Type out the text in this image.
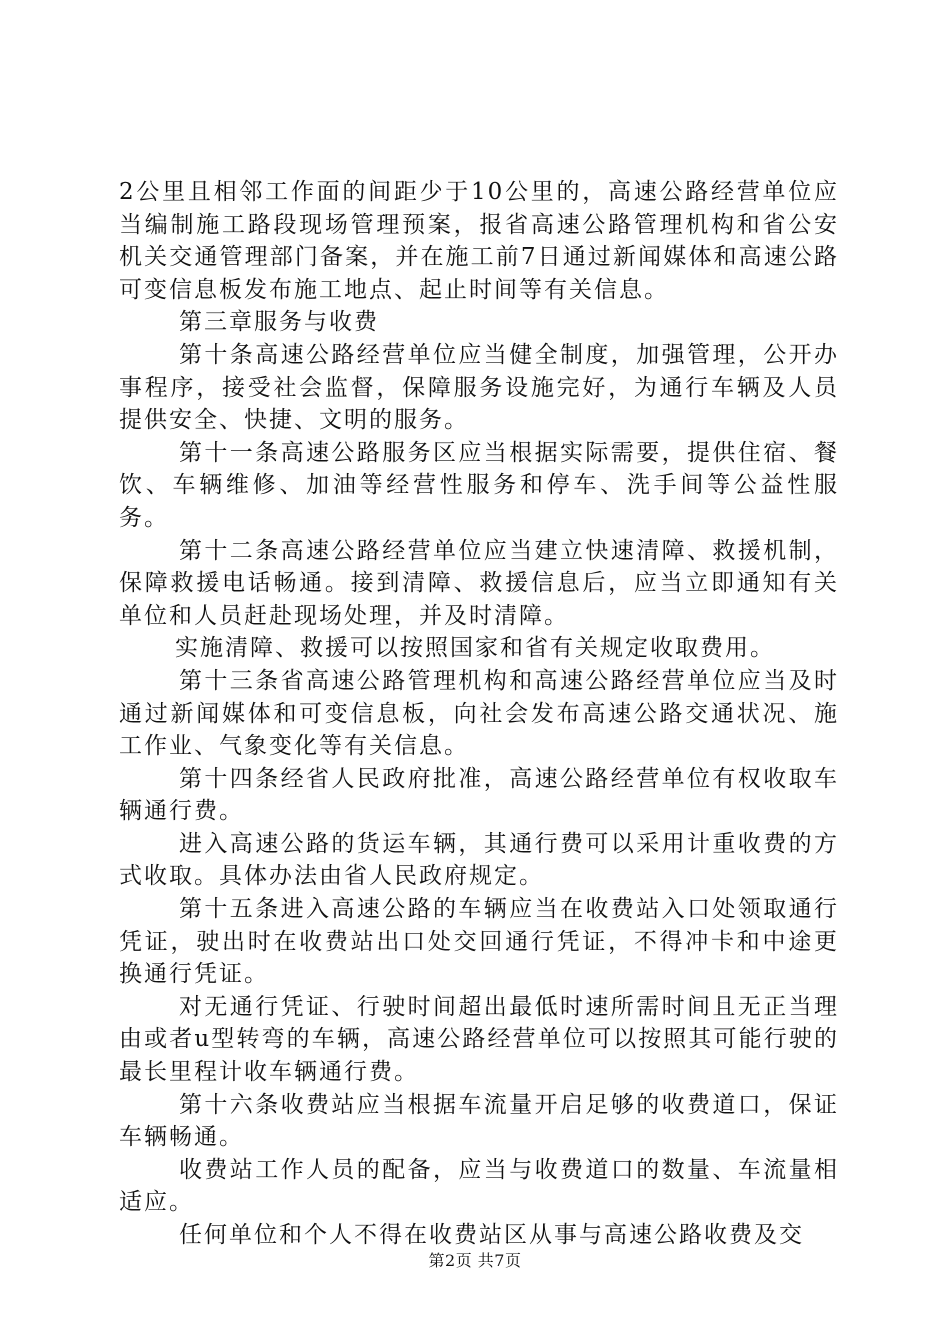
2公里且相邻工作面的间距少于10公里的，高速公路经营单位应当编制施工路段现场管理预案，报省高速公路管理机构和省公安机关交通管理部门备案，并在施工前7日通过新闻媒体和高速公路可变信息板发布施工地点、起止时间等有关信息。

第三章服务与收费

第十条高速公路经营单位应当健全制度，加强管理，公开办事程序，接受社会监督，保障服务设施完好，为通行车辆及人员提供安全、快捷、文明的服务。

第十一条高速公路服务区应当根据实际需要，提供住宿、餐饮、车辆维修、加油等经营性服务和停车、洗手间等公益性服务。

第十二条高速公路经营单位应当建立快速清障、救援机制，保障救援电话畅通。接到清障、救援信息后，应当立即通知有关单位和人员赶赴现场处理，并及时清障。

实施清障、救援可以按照国家和省有关规定收取费用。

第十三条省高速公路管理机构和高速公路经营单位应当及时通过新闻媒体和可变信息板，向社会发布高速公路交通状况、施工作业、气象变化等有关信息。

第十四条经省人民政府批准，高速公路经营单位有权收取车辆通行费。

进入高速公路的货运车辆，其通行费可以采用计重收费的方式收取。具体办法由省人民政府规定。

第十五条进入高速公路的车辆应当在收费站入口处领取通行凭证，驶出时在收费站出口处交回通行凭证，不得冲卡和中途更换通行凭证。

对无通行凭证、行驶时间超出最低时速所需时间且无正当理由或者u型转弯的车辆，高速公路经营单位可以按照其可能行驶的最长里程计收车辆通行费。

第十六条收费站应当根据车流量开启足够的收费道口，保证车辆畅通。

收费站工作人员的配备，应当与收费道口的数量、车流量相适应。

任何单位和个人不得在收费站区从事与高速公路收费及交

第2页 共7页
